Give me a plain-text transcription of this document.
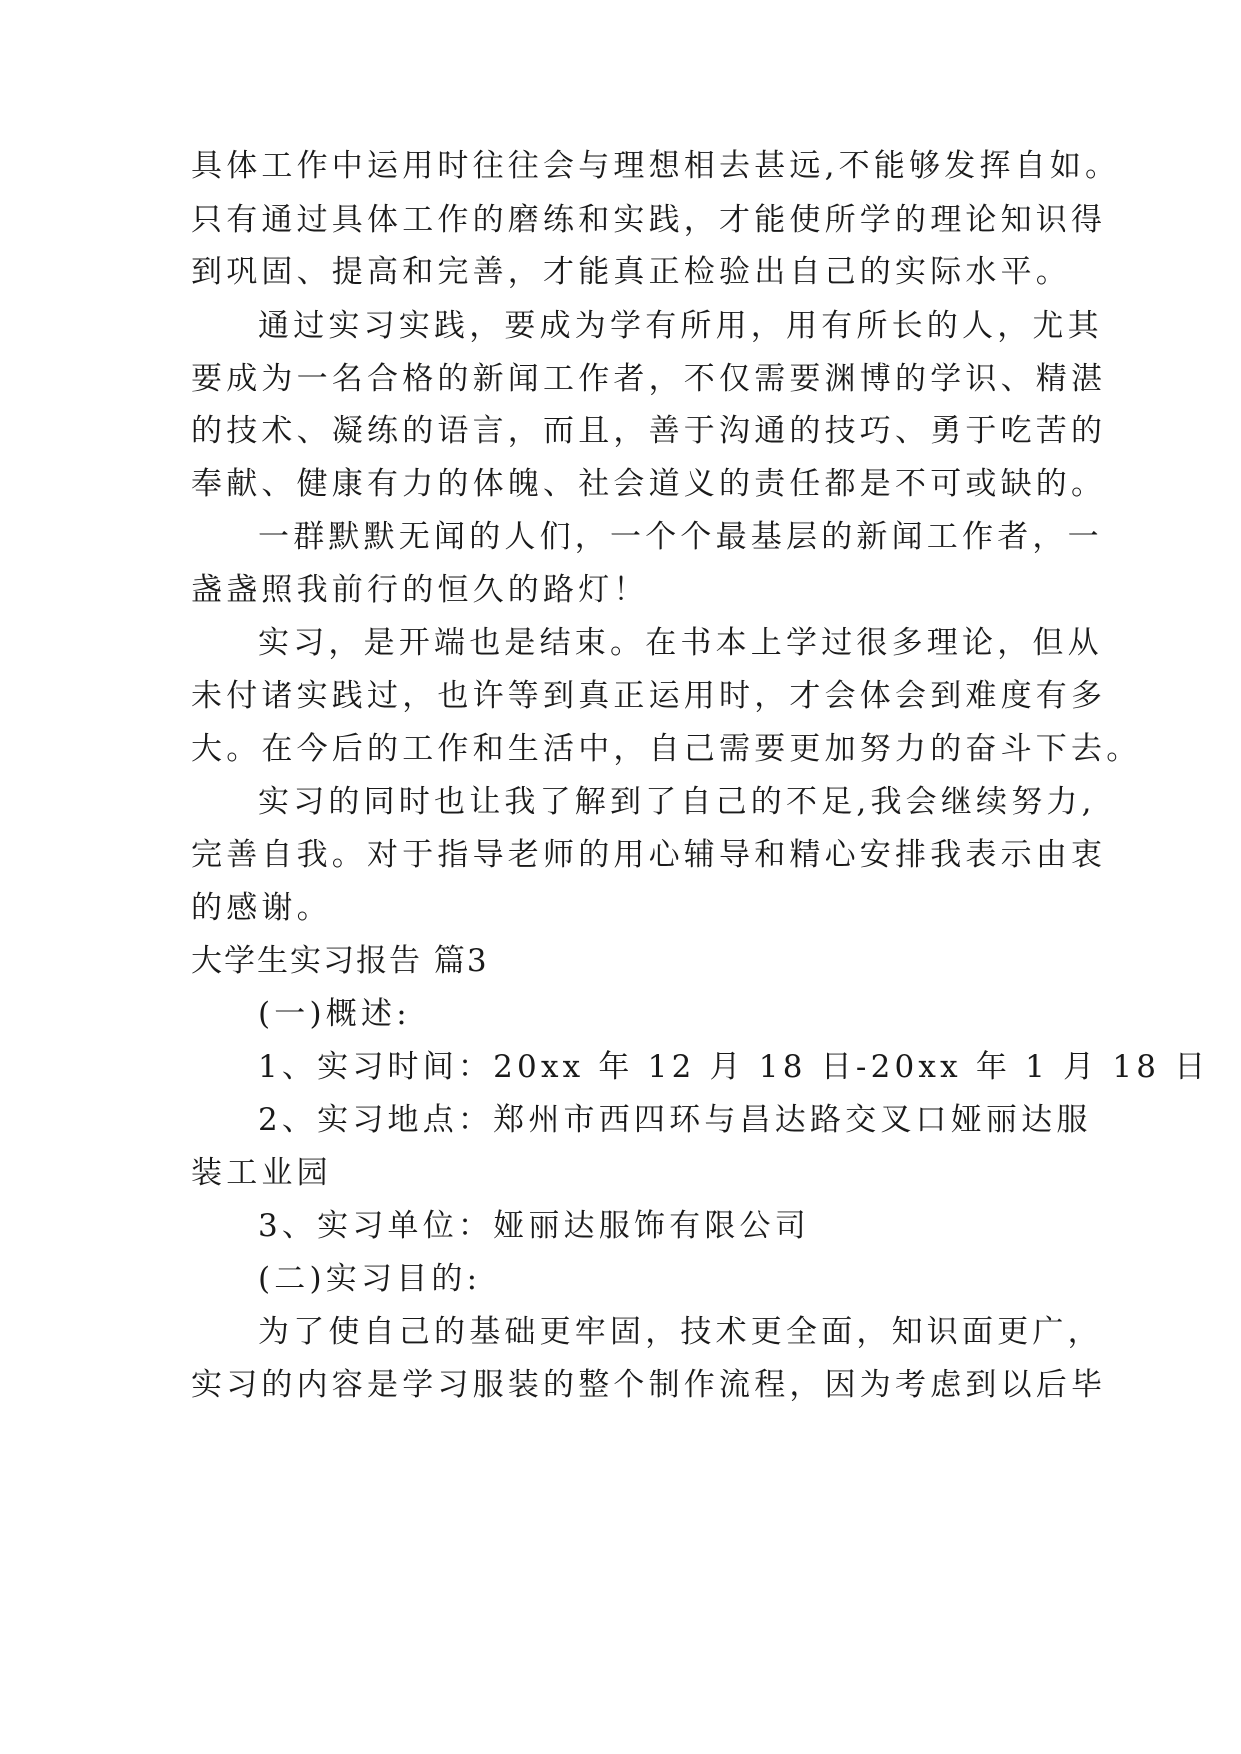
具体工作中运用时往往会与理想相去甚远,不能够发挥自如。
只有通过具体工作的磨练和实践，才能使所学的理论知识得
到巩固、提高和完善，才能真正检验出自己的实际水平。
通过实习实践，要成为学有所用，用有所长的人，尤其
要成为一名合格的新闻工作者，不仅需要渊博的学识、精湛
的技术、凝练的语言，而且，善于沟通的技巧、勇于吃苦的
奉献、健康有力的体魄、社会道义的责任都是不可或缺的。
一群默默无闻的人们，一个个最基层的新闻工作者，一
盏盏照我前行的恒久的路灯！
实习，是开端也是结束。在书本上学过很多理论，但从
未付诸实践过，也许等到真正运用时，才会体会到难度有多
大。在今后的工作和生活中，自己需要更加努力的奋斗下去。
实习的同时也让我了解到了自己的不足,我会继续努力,
完善自我。对于指导老师的用心辅导和精心安排我表示由衷
的感谢。
大学生实习报告 篇3
(一)概述:
1、实习时间：20xx 年 12 月 18 日-20xx 年 1 月 18 日
2、实习地点：郑州市西四环与昌达路交叉口娅丽达服
装工业园
3、实习单位：娅丽达服饰有限公司
(二)实习目的:
为了使自己的基础更牢固，技术更全面，知识面更广，
实习的内容是学习服装的整个制作流程，因为考虑到以后毕
